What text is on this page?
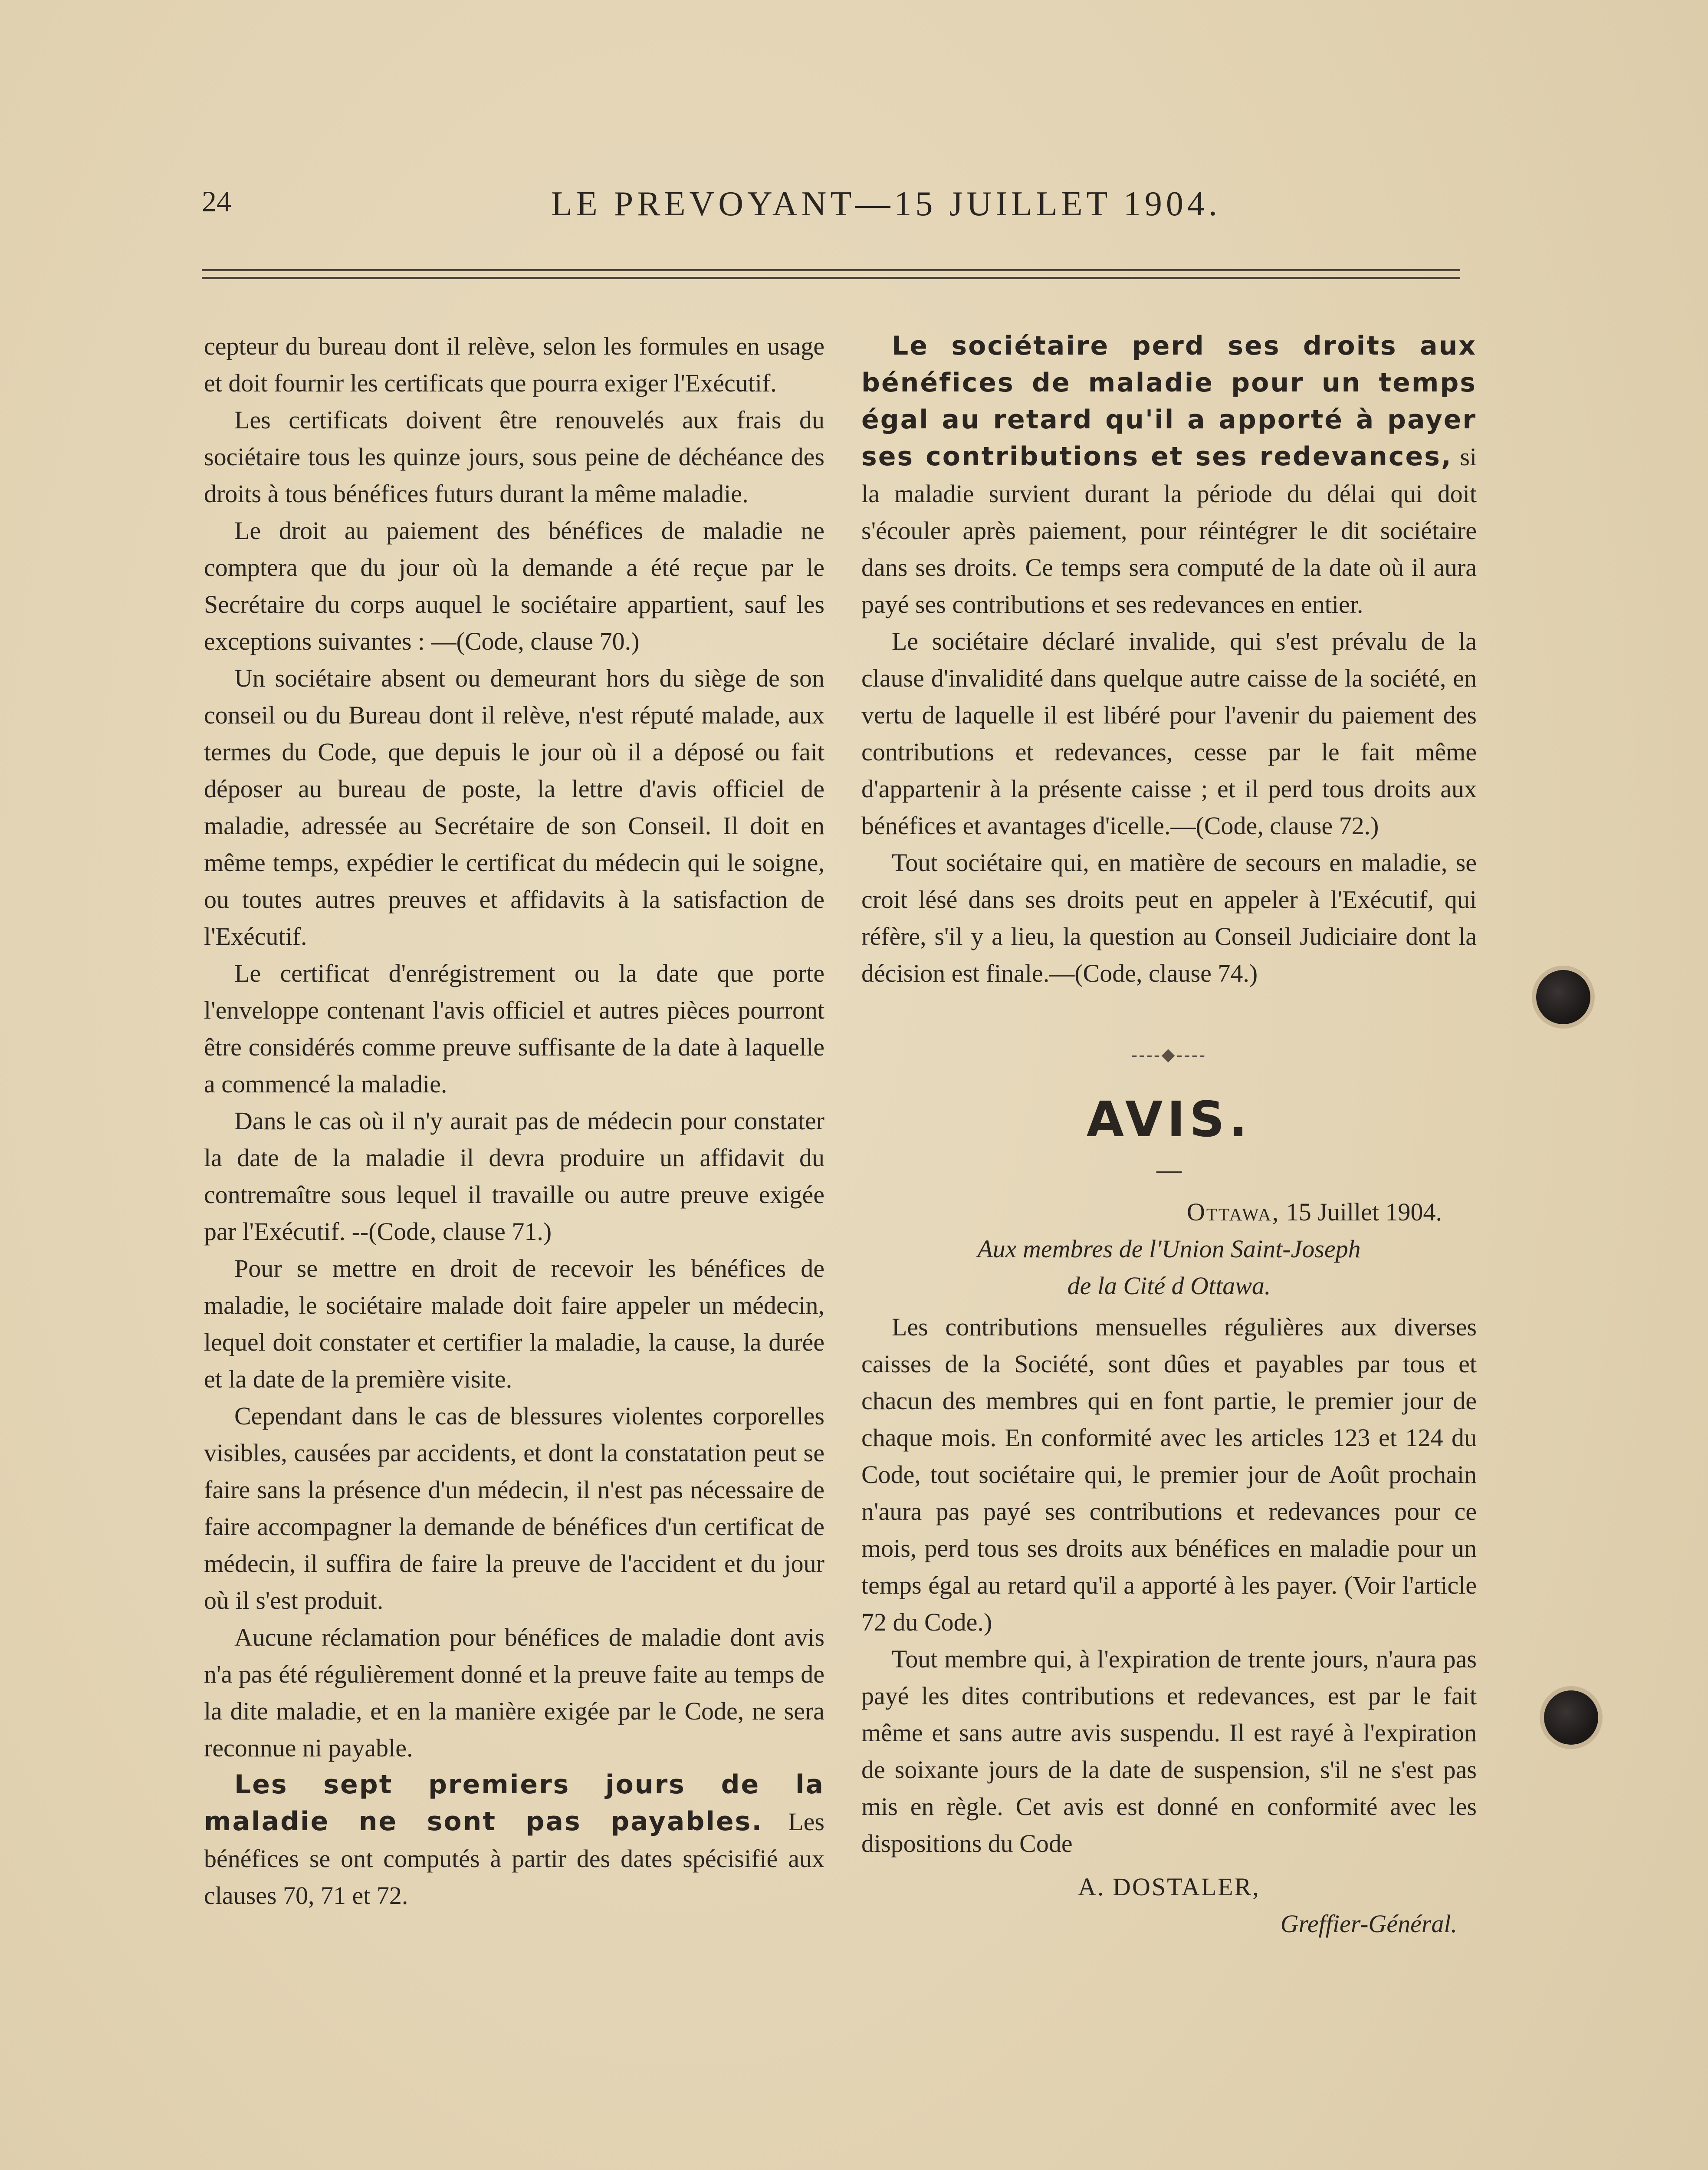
24	LE PREVOYANT—15 JUILLET 1904.

cepteur du bureau dont il relève, selon les formules en usage et doit fournir les certificats que pourra exiger l'Exécutif.

Les certificats doivent être renouvelés aux frais du sociétaire tous les quinze jours, sous peine de déchéance des droits à tous bénéfices futurs durant la même maladie.

Le droit au paiement des bénéfices de maladie ne comptera que du jour où la demande a été reçue par le Secrétaire du corps auquel le sociétaire appartient, sauf les exceptions suivantes : —(Code, clause 70.)

Un sociétaire absent ou demeurant hors du siège de son conseil ou du Bureau dont il relève, n'est réputé malade, aux termes du Code, que depuis le jour où il a déposé ou fait déposer au bureau de poste, la lettre d'avis officiel de maladie, adressée au Secrétaire de son Conseil. Il doit en même temps, expédier le certificat du médecin qui le soigne, ou toutes autres preuves et affidavits à la satisfaction de l'Exécutif.

Le certificat d'enrégistrement ou la date que porte l'enveloppe contenant l'avis officiel et autres pièces pourront être considérés comme preuve suffisante de la date à laquelle a commencé la maladie.

Dans le cas où il n'y aurait pas de médecin pour constater la date de la maladie il devra produire un affidavit du contremaître sous lequel il travaille ou autre preuve exigée par l'Exécutif. --(Code, clause 71.)

Pour se mettre en droit de recevoir les bénéfices de maladie, le sociétaire malade doit faire appeler un médecin, lequel doit constater et certifier la maladie, la cause, la durée et la date de la première visite.

Cependant dans le cas de blessures violentes corporelles visibles, causées par accidents, et dont la constatation peut se faire sans la présence d'un médecin, il n'est pas nécessaire de faire accompagner la demande de bénéfices d'un certificat de médecin, il suffira de faire la preuve de l'accident et du jour où il s'est produit.

Aucune réclamation pour bénéfices de maladie dont avis n'a pas été régulièrement donné et la preuve faite au temps de la dite maladie, et en la manière exigée par le Code, ne sera reconnue ni payable.

Les sept premiers jours de la maladie ne sont pas payables. Les bénéfices se ont computés à partir des dates spécisifié aux clauses 70, 71 et 72.

Le sociétaire perd ses droits aux bénéfices de maladie pour un temps égal au retard qu'il a apporté à payer ses contributions et ses redevances, si la maladie survient durant la période du délai qui doit s'écouler après paiement, pour réintégrer le dit sociétaire dans ses droits. Ce temps sera computé de la date où il aura payé ses contributions et ses redevances en entier.

Le sociétaire déclaré invalide, qui s'est prévalu de la clause d'invalidité dans quelque autre caisse de la société, en vertu de laquelle il est libéré pour l'avenir du paiement des contributions et redevances, cesse par le fait même d'appartenir à la présente caisse ; et il perd tous droits aux bénéfices et avantages d'icelle.—(Code, clause 72.)

Tout sociétaire qui, en matière de secours en maladie, se croit lésé dans ses droits peut en appeler à l'Exécutif, qui réfère, s'il y a lieu, la question au Conseil Judiciaire dont la décision est finale.—(Code, clause 74.)

----◆----
AVIS.
—
Ottawa, 15 Juillet 1904.
Aux membres de l'Union Saint-Joseph
de la Cité d Ottawa.

Les contributions mensuelles régulières aux diverses caisses de la Société, sont dûes et payables par tous et chacun des membres qui en font partie, le premier jour de chaque mois. En conformité avec les articles 123 et 124 du Code, tout sociétaire qui, le premier jour de Août prochain n'aura pas payé ses contributions et redevances pour ce mois, perd tous ses droits aux bénéfices en maladie pour un temps égal au retard qu'il a apporté à les payer. (Voir l'article 72 du Code.)

Tout membre qui, à l'expiration de trente jours, n'aura pas payé les dites contributions et redevances, est par le fait même et sans autre avis suspendu. Il est rayé à l'expiration de soixante jours de la date de suspension, s'il ne s'est pas mis en règle. Cet avis est donné en conformité avec les dispositions du Code

A. DOSTALER,
Greffier-Général.
